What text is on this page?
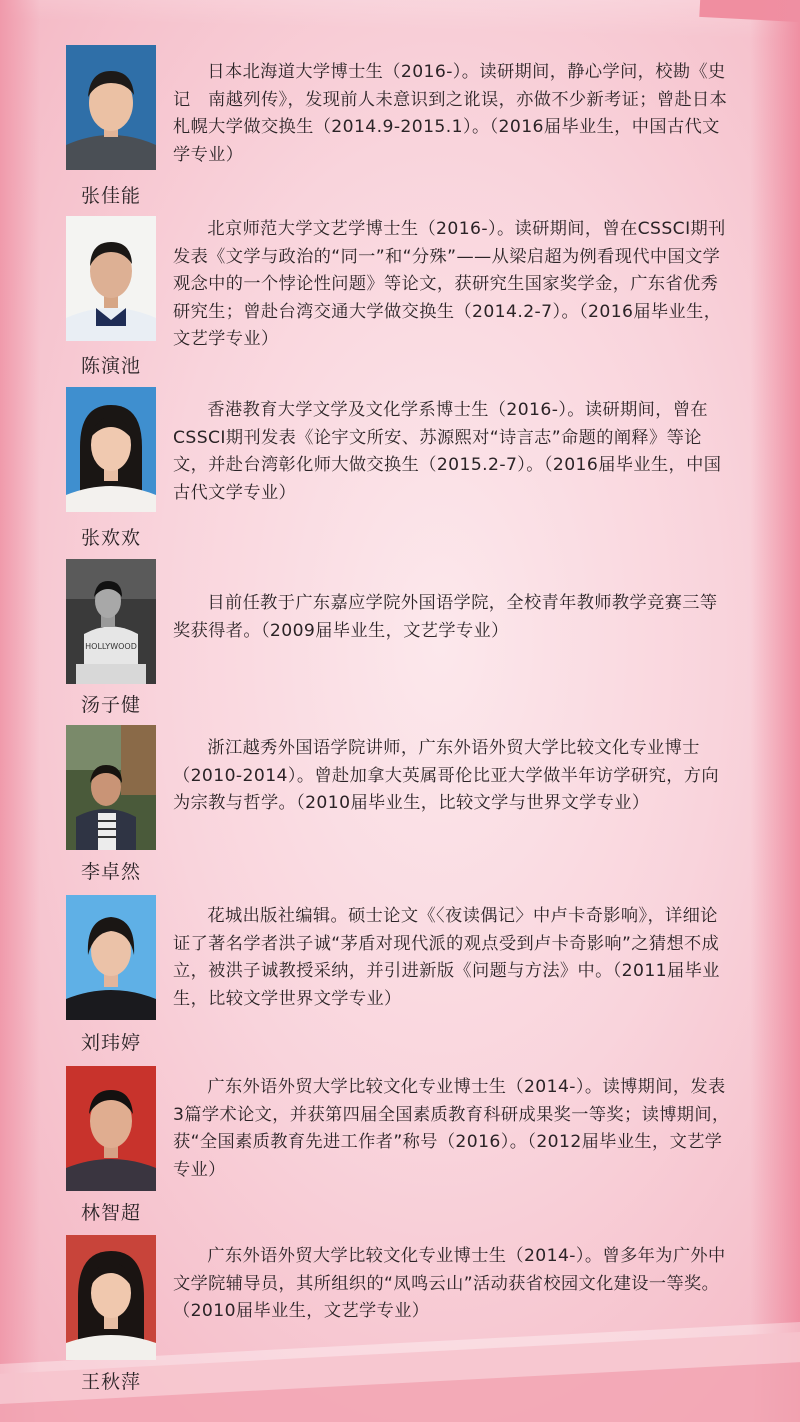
张佳能

日本北海道大学博士生（2016-）。读研期间，静心学问，校勘《史记　南越列传》，发现前人未意识到之讹误，亦做不少新考证；曾赴日本札幌大学做交换生（2014.9-2015.1）。（2016届毕业生，中国古代文学专业）

陈演池

北京师范大学文艺学博士生（2016-）。读研期间，曾在CSSCI期刊发表《文学与政治的“同一”和“分殊”——从梁启超为例看现代中国文学观念中的一个悖论性问题》等论文，获研究生国家奖学金，广东省优秀研究生；曾赴台湾交通大学做交换生（2014.2-7）。（2016届毕业生，文艺学专业）

张欢欢

香港教育大学文学及文化学系博士生（2016-）。读研期间，曾在CSSCI期刊发表《论宇文所安、苏源熙对“诗言志”命题的阐释》等论文，并赴台湾彰化师大做交换生（2015.2-7）。（2016届毕业生，中国古代文学专业）

HOLLYWOOD
汤子健

目前任教于广东嘉应学院外国语学院，全校青年教师教学竞赛三等奖获得者。（2009届毕业生，文艺学专业）

李卓然

浙江越秀外国语学院讲师，广东外语外贸大学比较文化专业博士（2010-2014）。曾赴加拿大英属哥伦比亚大学做半年访学研究，方向为宗教与哲学。（2010届毕业生，比较文学与世界文学专业）

刘玮婷

花城出版社编辑。硕士论文《〈夜读偶记〉中卢卡奇影响》，详细论证了著名学者洪子诚“茅盾对现代派的观点受到卢卡奇影响”之猜想不成立，被洪子诚教授采纳，并引进新版《问题与方法》中。（2011届毕业生，比较文学世界文学专业）

林智超

广东外语外贸大学比较文化专业博士生（2014-）。读博期间，发表3篇学术论文，并获第四届全国素质教育科研成果奖一等奖；读博期间，获“全国素质教育先进工作者”称号（2016）。（2012届毕业生，文艺学专业）

王秋萍

广东外语外贸大学比较文化专业博士生（2014-）。曾多年为广外中文学院辅导员，其所组织的“凤鸣云山”活动获省校园文化建设一等奖。（2010届毕业生，文艺学专业）
